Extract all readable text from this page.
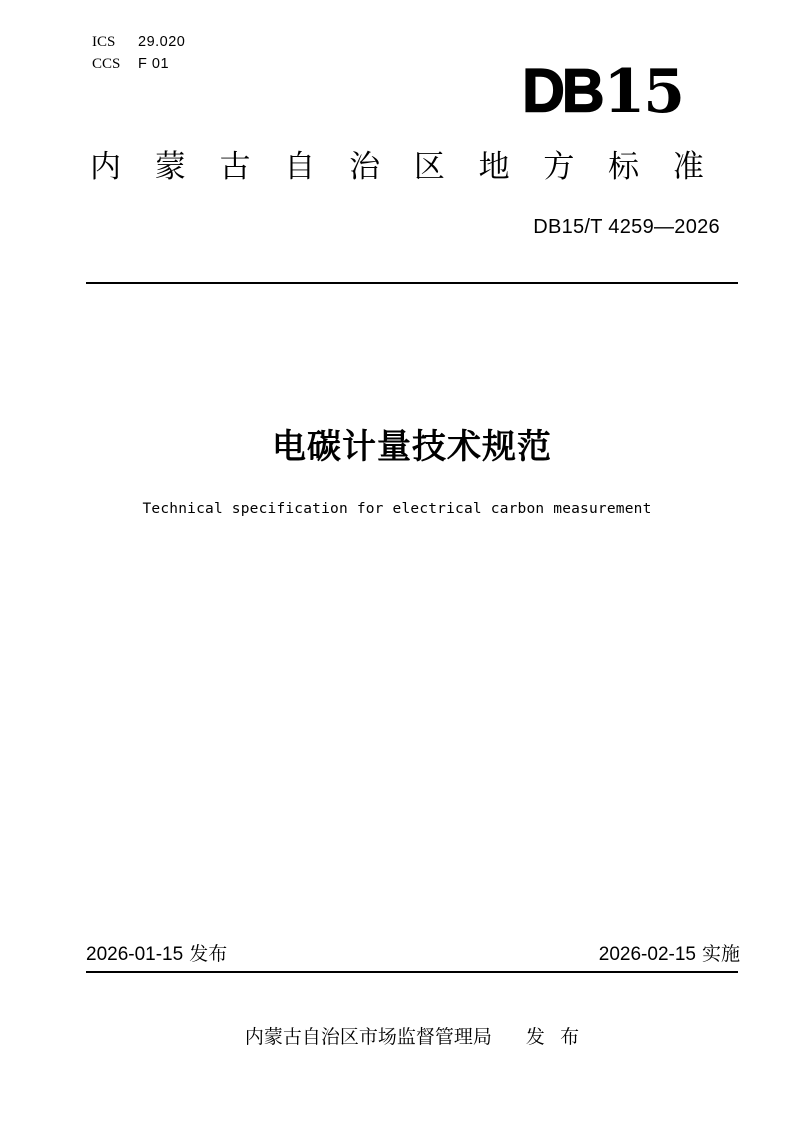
ICS 29.020
CCS F 01	DB 15
内 蒙 古 自 治 区 地 方 标 准
DB15/T 4259—2026
电碳计量技术规范
Technical specification for electrical carbon measurement
2026-01-15 发布	2026-02-15 实施
内蒙古自治区市场监督管理局 发 布
